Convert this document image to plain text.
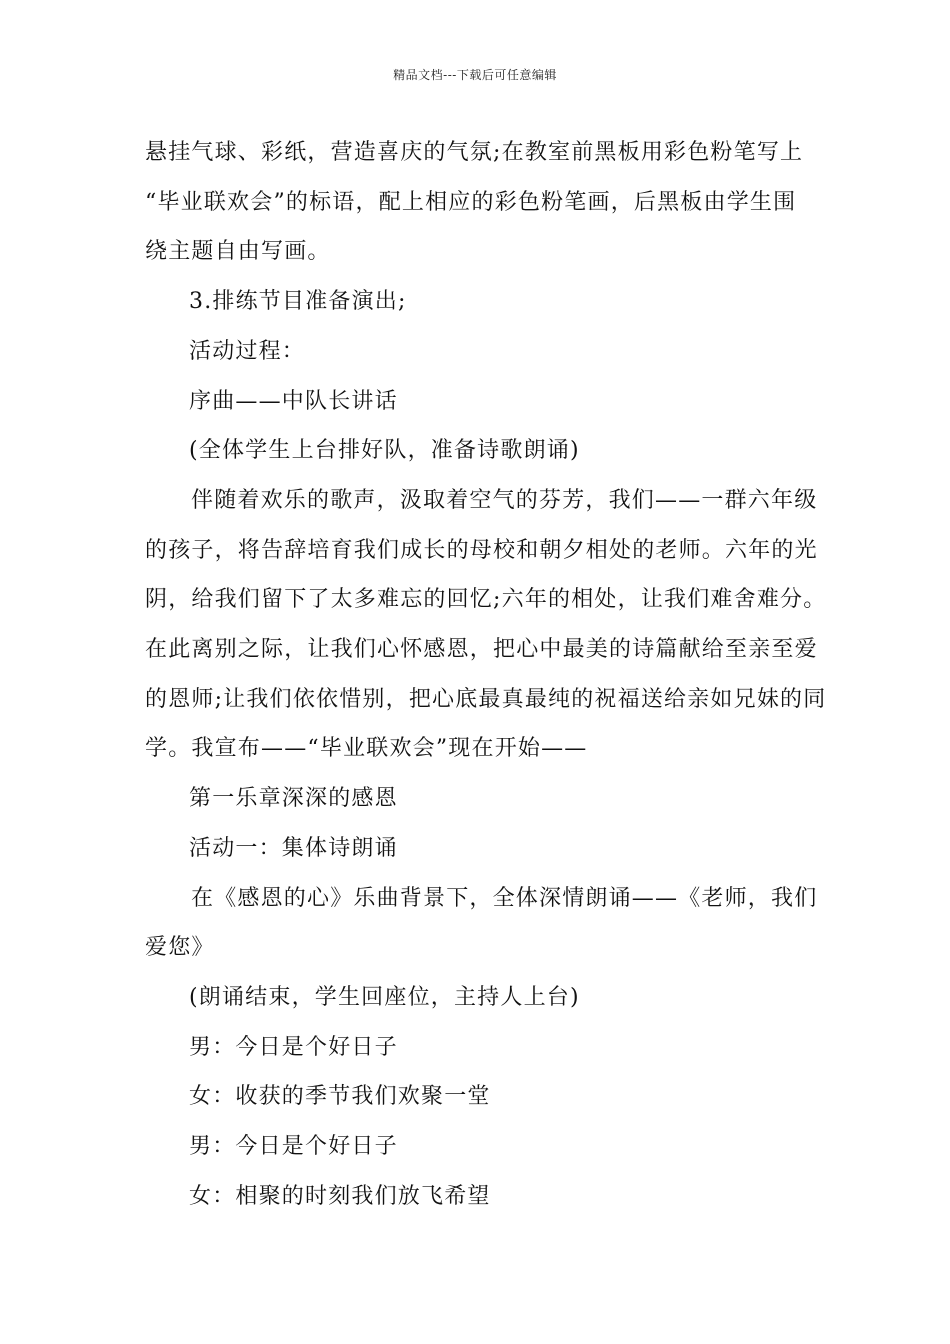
精品文档---下载后可任意编辑

悬挂气球、彩纸，营造喜庆的气氛;在教室前黑板用彩色粉笔写上

“毕业联欢会”的标语，配上相应的彩色粉笔画，后黑板由学生围

绕主题自由写画。

3.排练节目准备演出;

活动过程：

序曲——中队长讲话

(全体学生上台排好队，准备诗歌朗诵)

伴随着欢乐的歌声，汲取着空气的芬芳，我们——一群六年级

的孩子，将告辞培育我们成长的母校和朝夕相处的老师。六年的光

阴，给我们留下了太多难忘的回忆;六年的相处，让我们难舍难分。

在此离别之际，让我们心怀感恩，把心中最美的诗篇献给至亲至爱

的恩师;让我们依依惜别，把心底最真最纯的祝福送给亲如兄妹的同

学。我宣布——“毕业联欢会”现在开始——

第一乐章深深的感恩

活动一：集体诗朗诵

在《感恩的心》乐曲背景下，全体深情朗诵——《老师，我们

爱您》

(朗诵结束，学生回座位，主持人上台)

男：今日是个好日子

女：收获的季节我们欢聚一堂

男：今日是个好日子

女：相聚的时刻我们放飞希望
